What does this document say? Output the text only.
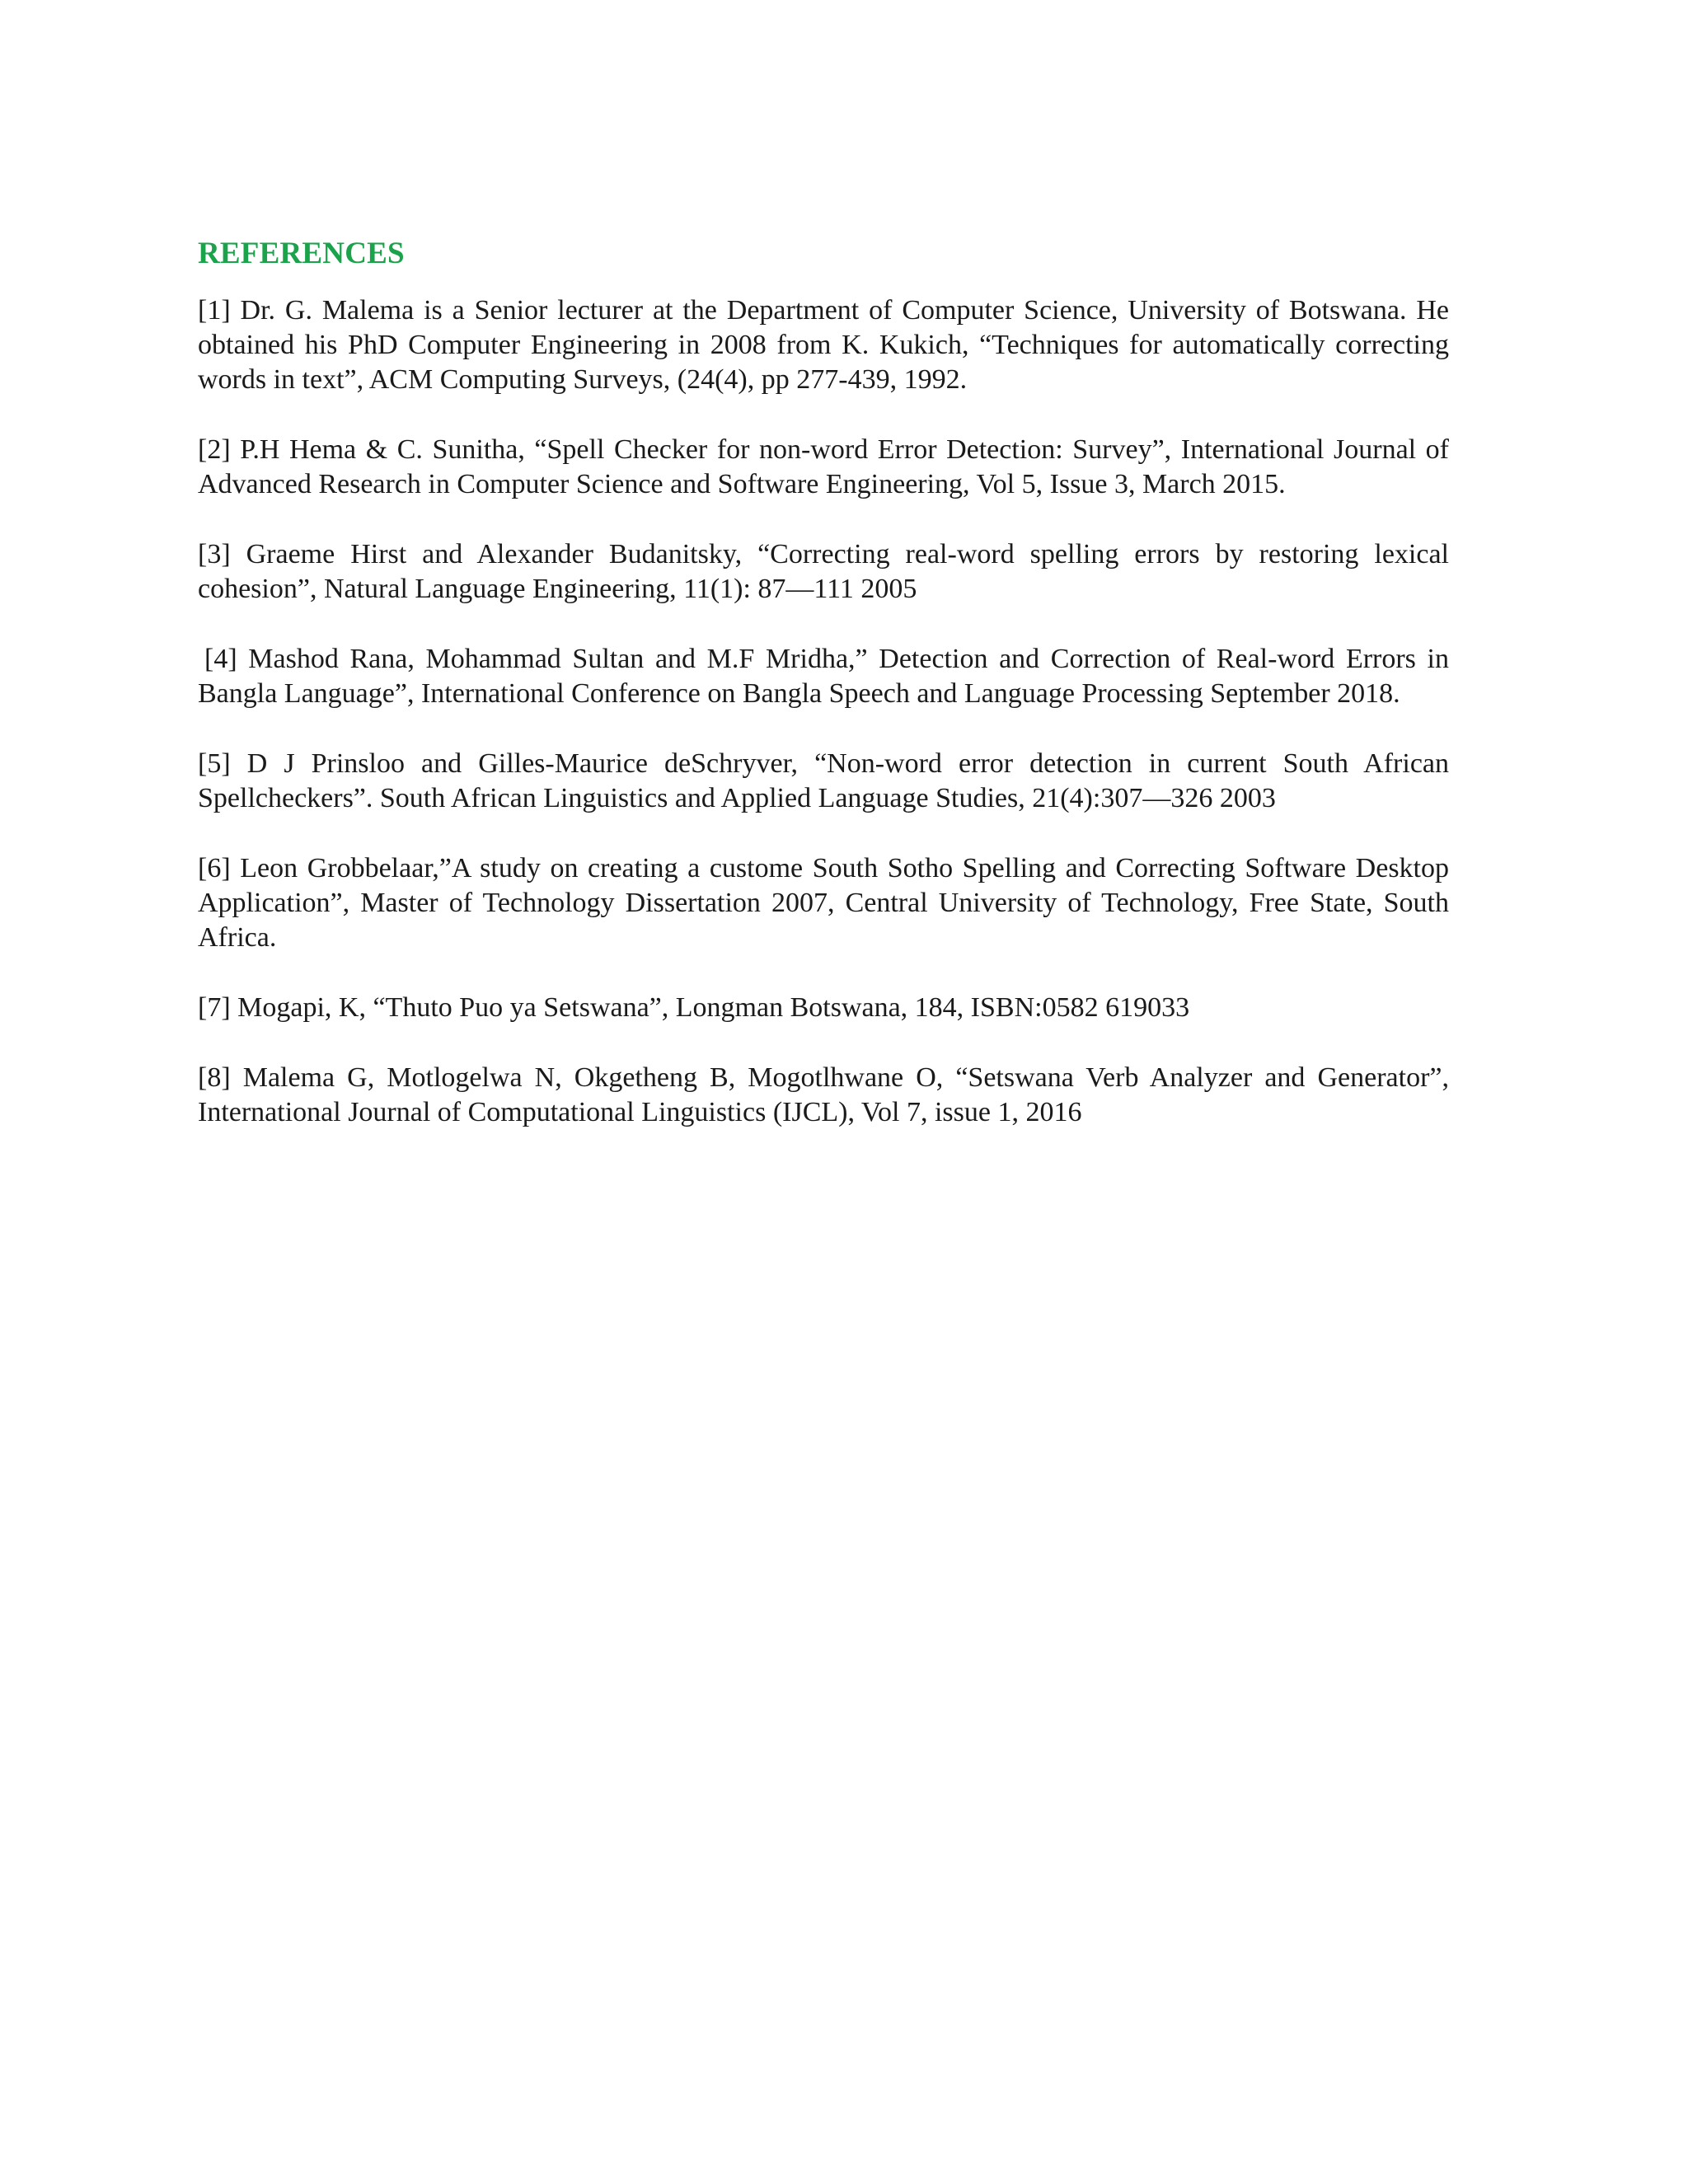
REFERENCES

[1] Dr. G. Malema is a Senior lecturer at the Department of Computer Science, University of Botswana. He obtained his PhD Computer Engineering in 2008 from K. Kukich, “Techniques for automatically correcting words in text”, ACM Computing Surveys, (24(4), pp 277-439, 1992.

[2] P.H Hema & C. Sunitha, “Spell Checker for non-word Error Detection: Survey”, International Journal of Advanced Research in Computer Science and Software Engineering, Vol 5, Issue 3, March 2015.

[3] Graeme Hirst and Alexander Budanitsky, “Correcting real-word spelling errors by restoring lexical cohesion”, Natural Language Engineering, 11(1): 87—111 2005

[4] Mashod Rana, Mohammad Sultan and M.F Mridha,” Detection and Correction of Real-word Errors in Bangla Language”, International Conference on Bangla Speech and Language Processing September 2018.

[5] D J Prinsloo and Gilles-Maurice deSchryver, “Non-word error detection in current South African Spellcheckers”. South African Linguistics and Applied Language Studies, 21(4):307—326 2003

[6] Leon Grobbelaar,”A study on creating a custome South Sotho Spelling and Correcting Software Desktop Application”, Master of Technology Dissertation 2007, Central University of Technology, Free State, South Africa.

[7] Mogapi, K, “Thuto Puo ya Setswana”, Longman Botswana, 184, ISBN:0582 619033

[8] Malema G, Motlogelwa N, Okgetheng B, Mogotlhwane O, “Setswana Verb Analyzer and Generator”, International Journal of Computational Linguistics (IJCL), Vol 7, issue 1, 2016
